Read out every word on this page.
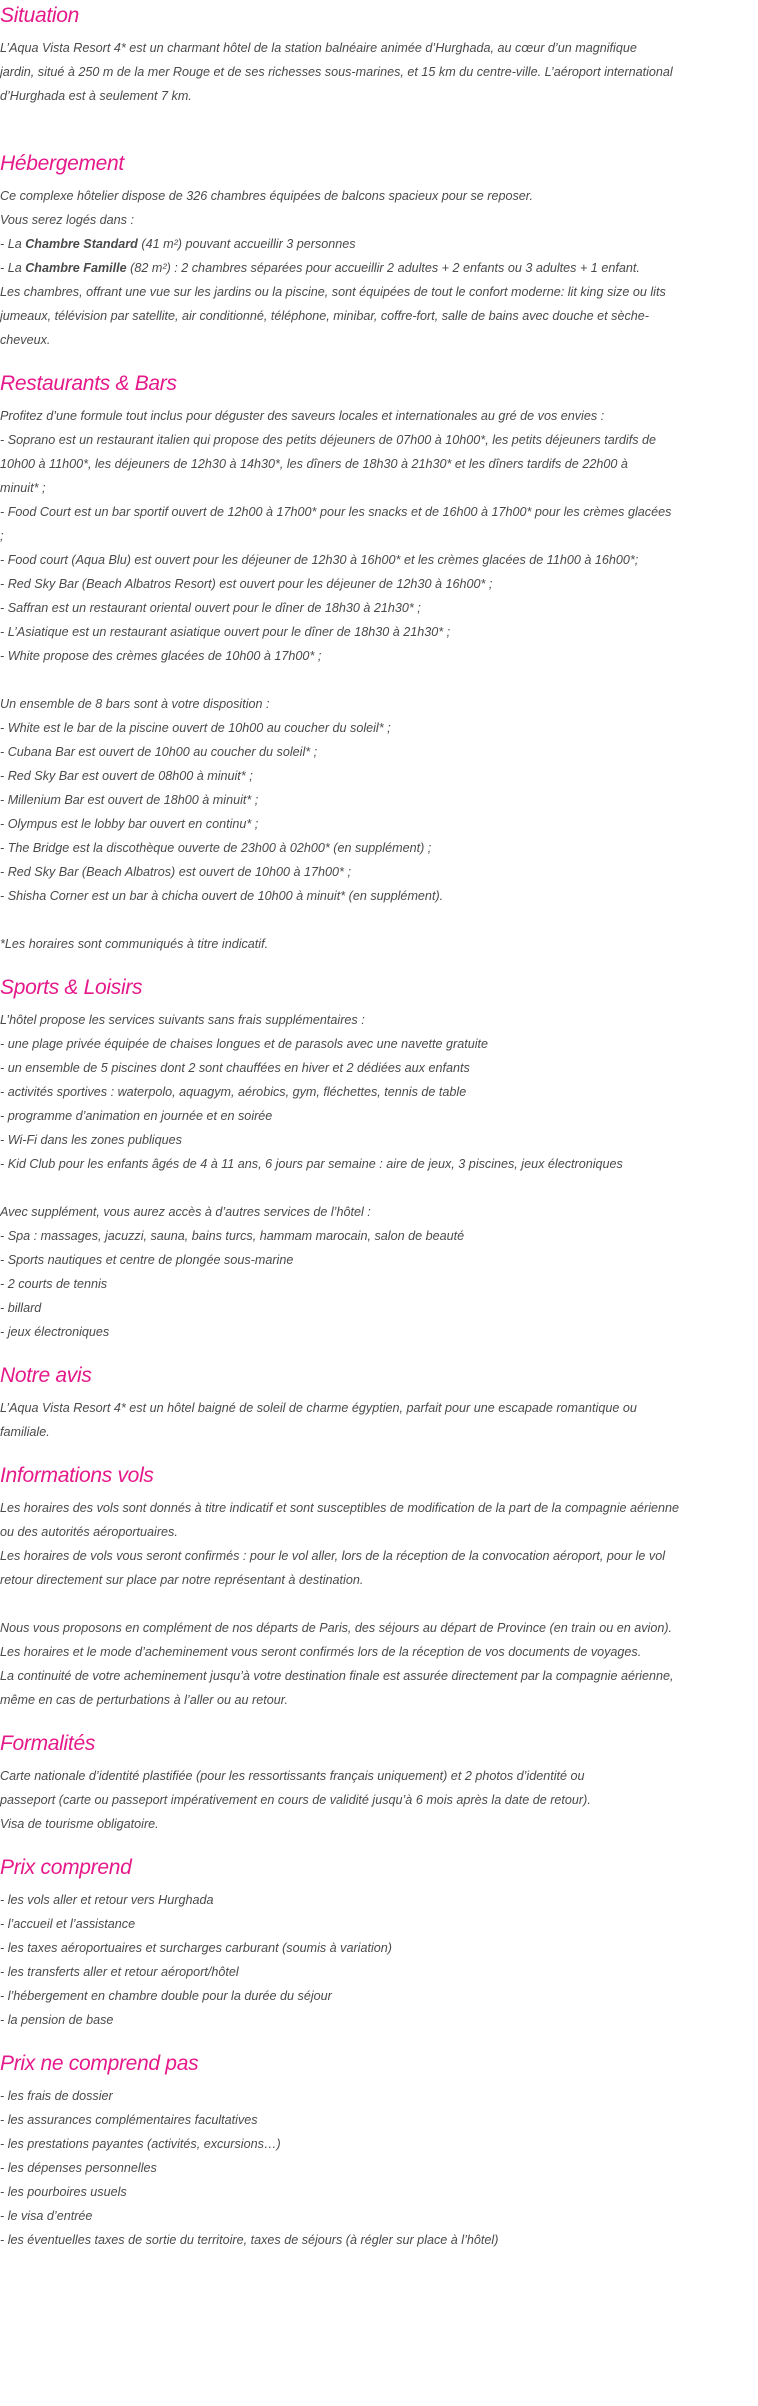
Situation

L’Aqua Vista Resort 4* est un charmant hôtel de la station balnéaire animée d’Hurghada, au cœur d’un magnifique
jardin, situé à 250 m de la mer Rouge et de ses richesses sous-marines, et 15 km du centre-ville. L’aéroport international
d’Hurghada est à seulement 7 km.

Hébergement

Ce complexe hôtelier dispose de 326 chambres équipées de balcons spacieux pour se reposer.
Vous serez logés dans :

- La Chambre Standard (41 m²) pouvant accueillir 3 personnes

- La Chambre Famille (82 m²) : 2 chambres séparées pour accueillir 2 adultes + 2 enfants ou 3 adultes + 1 enfant.

Les chambres, offrant une vue sur les jardins ou la piscine, sont équipées de tout le confort moderne: lit king size ou lits
jumeaux, télévision par satellite, air conditionné, téléphone, minibar, coffre-fort, salle de bains avec douche et sèche-
cheveux.

Restaurants & Bars

Profitez d’une formule tout inclus pour déguster des saveurs locales et internationales au gré de vos envies :
- Soprano est un restaurant italien qui propose des petits déjeuners de 07h00 à 10h00*, les petits déjeuners tardifs de
10h00 à 11h00*, les déjeuners de 12h30 à 14h30*, les dîners de 18h30 à 21h30* et les dîners tardifs de 22h00 à
minuit* ;
- Food Court est un bar sportif ouvert de 12h00 à 17h00* pour les snacks et de 16h00 à 17h00* pour les crèmes glacées
;
- Food court (Aqua Blu) est ouvert pour les déjeuner de 12h30 à 16h00* et les crèmes glacées de 11h00 à 16h00*;
- Red Sky Bar (Beach Albatros Resort) est ouvert pour les déjeuner de 12h30 à 16h00* ;
- Saffran est un restaurant oriental ouvert pour le dîner de 18h30 à 21h30* ;
- L’Asiatique est un restaurant asiatique ouvert pour le dîner de 18h30 à 21h30* ;
- White propose des crèmes glacées de 10h00 à 17h00* ;

Un ensemble de 8 bars sont à votre disposition :
- White est le bar de la piscine ouvert de 10h00 au coucher du soleil* ;
- Cubana Bar est ouvert de 10h00 au coucher du soleil* ;
- Red Sky Bar est ouvert de 08h00 à minuit* ;
- Millenium Bar est ouvert de 18h00 à minuit* ;
- Olympus est le lobby bar ouvert en continu* ;
- The Bridge est la discothèque ouverte de 23h00 à 02h00* (en supplément) ;
- Red Sky Bar (Beach Albatros) est ouvert de 10h00 à 17h00* ;
- Shisha Corner est un bar à chicha ouvert de 10h00 à minuit* (en supplément).

*Les horaires sont communiqués à titre indicatif.

Sports & Loisirs

L’hôtel propose les services suivants sans frais supplémentaires :
- une plage privée équipée de chaises longues et de parasols avec une navette gratuite
- un ensemble de 5 piscines dont 2 sont chauffées en hiver et 2 dédiées aux enfants
- activités sportives : waterpolo, aquagym, aérobics, gym, fléchettes, tennis de table
- programme d’animation en journée et en soirée
- Wi-Fi dans les zones publiques
- Kid Club pour les enfants âgés de 4 à 11 ans, 6 jours par semaine : aire de jeux, 3 piscines, jeux électroniques

Avec supplément, vous aurez accès à d’autres services de l’hôtel :
- Spa : massages, jacuzzi, sauna, bains turcs, hammam marocain, salon de beauté
- Sports nautiques et centre de plongée sous-marine
- 2 courts de tennis
- billard
- jeux électroniques

Notre avis

L’Aqua Vista Resort 4* est un hôtel baigné de soleil de charme égyptien, parfait pour une escapade romantique ou
familiale.

Informations vols

Les horaires des vols sont donnés à titre indicatif et sont susceptibles de modification de la part de la compagnie aérienne
ou des autorités aéroportuaires.
Les horaires de vols vous seront confirmés : pour le vol aller, lors de la réception de la convocation aéroport, pour le vol
retour directement sur place par notre représentant à destination.

Nous vous proposons en complément de nos départs de Paris, des séjours au départ de Province (en train ou en avion).
Les horaires et le mode d’acheminement vous seront confirmés lors de la réception de vos documents de voyages.
La continuité de votre acheminement jusqu’à votre destination finale est assurée directement par la compagnie aérienne,
même en cas de perturbations à l’aller ou au retour.

Formalités

Carte nationale d’identité plastifiée (pour les ressortissants français uniquement) et 2 photos d’identité ou
passeport (carte ou passeport impérativement en cours de validité jusqu’à 6 mois après la date de retour).
Visa de tourisme obligatoire.

Prix comprend

- les vols aller et retour vers Hurghada
- l’accueil et l’assistance
- les taxes aéroportuaires et surcharges carburant (soumis à variation)
- les transferts aller et retour aéroport/hôtel
- l’hébergement en chambre double pour la durée du séjour
- la pension de base

Prix ne comprend pas

- les frais de dossier
- les assurances complémentaires facultatives
- les prestations payantes (activités, excursions…)
- les dépenses personnelles
- les pourboires usuels
- le visa d’entrée
- les éventuelles taxes de sortie du territoire, taxes de séjours (à régler sur place à l’hôtel)
